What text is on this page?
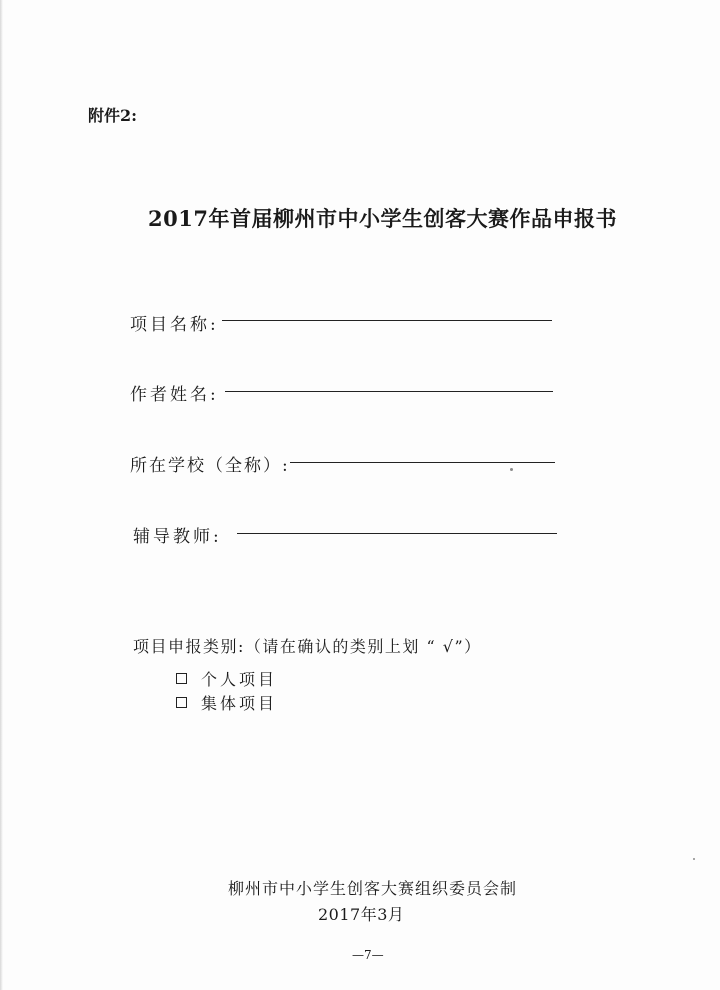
附件2:
2017年首届柳州市中小学生创客大赛作品申报书
项目名称:
作者姓名:
所在学校（全称）:
辅导教师:
项目申报类别:（请在确认的类别上划 “ √”）
个人项目
集体项目
柳州市中小学生创客大赛组织委员会制
2017年3月
—7—
